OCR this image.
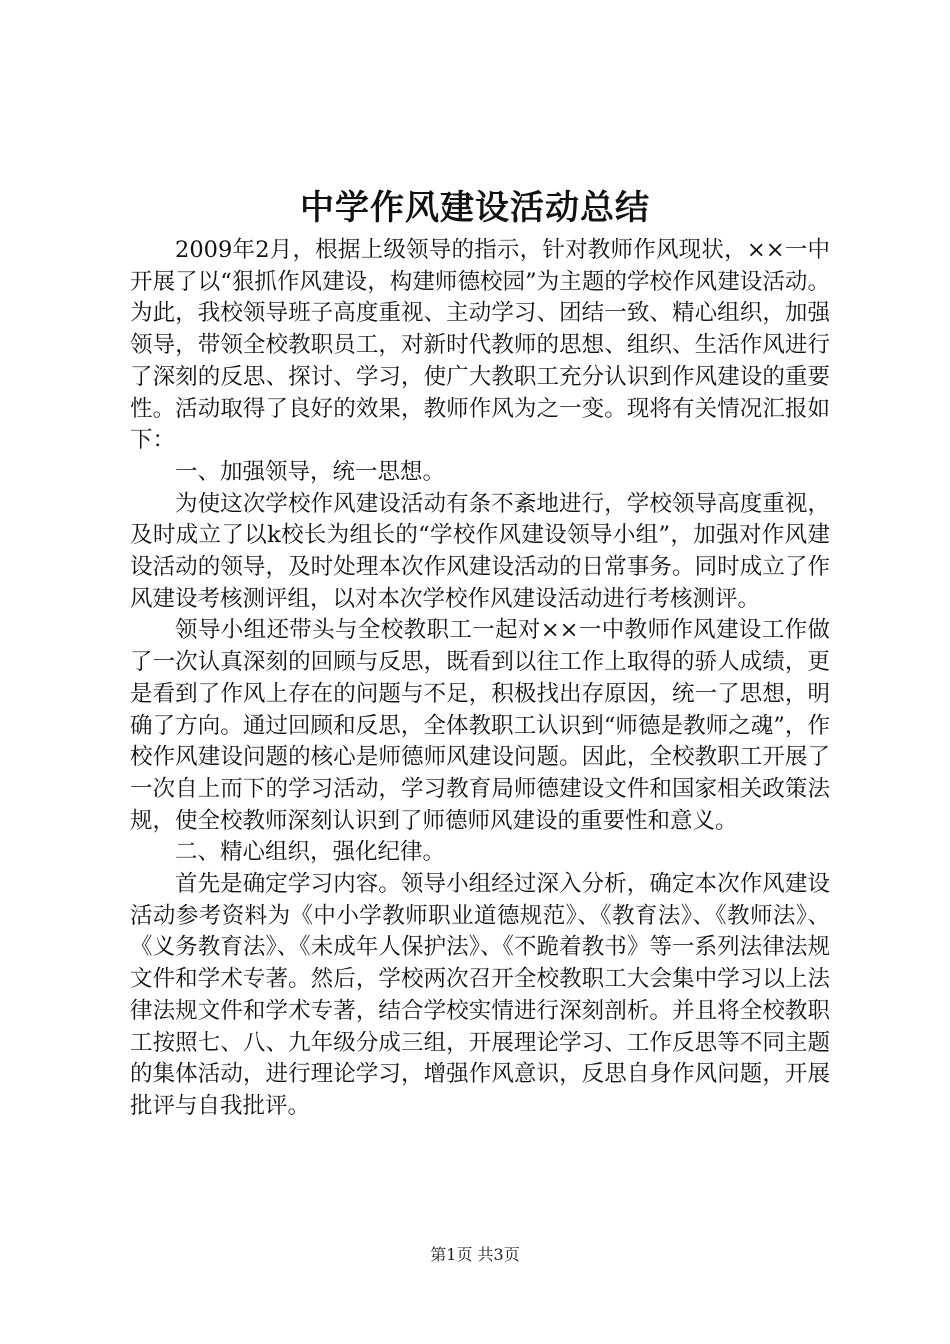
中学作风建设活动总结

2009年2月，根据上级领导的指示，针对教师作风现状，××一中开展了以“狠抓作风建设，构建师德校园”为主题的学校作风建设活动。为此，我校领导班子高度重视、主动学习、团结一致、精心组织，加强领导，带领全校教职员工，对新时代教师的思想、组织、生活作风进行了深刻的反思、探讨、学习，使广大教职工充分认识到作风建设的重要性。活动取得了良好的效果，教师作风为之一变。现将有关情况汇报如下：

一、加强领导，统一思想。

为使这次学校作风建设活动有条不紊地进行，学校领导高度重视，及时成立了以k校长为组长的“学校作风建设领导小组”，加强对作风建设活动的领导，及时处理本次作风建设活动的日常事务。同时成立了作风建设考核测评组，以对本次学校作风建设活动进行考核测评。

领导小组还带头与全校教职工一起对××一中教师作风建设工作做了一次认真深刻的回顾与反思，既看到以往工作上取得的骄人成绩，更是看到了作风上存在的问题与不足，积极找出存原因，统一了思想，明确了方向。通过回顾和反思，全体教职工认识到“师德是教师之魂”，作校作风建设问题的核心是师德师风建设问题。因此，全校教职工开展了一次自上而下的学习活动，学习教育局师德建设文件和国家相关政策法规，使全校教师深刻认识到了师德师风建设的重要性和意义。

二、精心组织，强化纪律。

首先是确定学习内容。领导小组经过深入分析，确定本次作风建设活动参考资料为《中小学教师职业道德规范》、《教育法》、《教师法》、《义务教育法》、《未成年人保护法》、《不跪着教书》等一系列法律法规文件和学术专著。然后，学校两次召开全校教职工大会集中学习以上法律法规文件和学术专著，结合学校实情进行深刻剖析。并且将全校教职工按照七、八、九年级分成三组，开展理论学习、工作反思等不同主题的集体活动，进行理论学习，增强作风意识，反思自身作风问题，开展批评与自我批评。

第1页 共3页
